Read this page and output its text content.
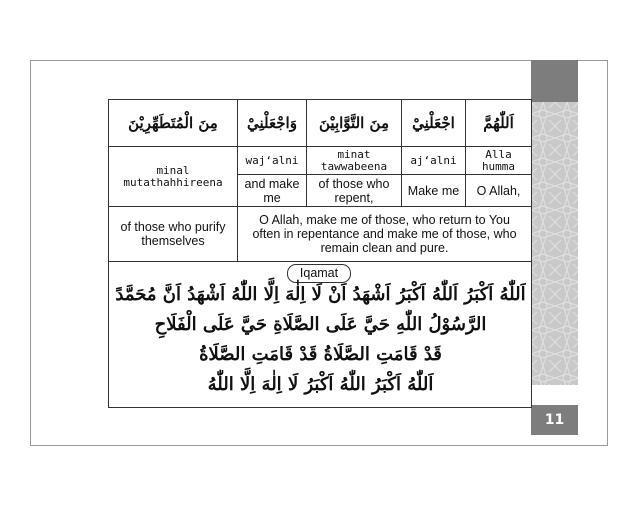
11
مِنَ الْمُتَطَهِّرِيْنَ	وَاجْعَلْنِيْ	مِنَ التَّوَّابِيْنَ	اجْعَلْنِيْ	اَللّٰهُمَّ
minal mutathahhireena	waj‘alni	minat tawwabeena	aj‘alni	Alla humma
	and make me	of those who repent,	Make me	O Allah,
of those who purify themselves	O Allah, make me of those, who return to You often in repentance and make me of those, who remain clean and pure.			

Iqamat
اَللّٰهُ اَكْبَرُ اَللّٰهُ اَكْبَرُ اَشْهَدُ اَنْ لَا اِلٰهَ اِلَّا اللّٰهُ اَشْهَدُ اَنَّ مُحَمَّدً
الرَّسُوْلُ اللّٰهِ حَيَّ عَلَى الصَّلَاةِ حَيَّ عَلَى الْفَلَاحِ
قَدْ قَامَتِ الصَّلَاةُ قَدْ قَامَتِ الصَّلَاةُ
اَللّٰهُ اَكْبَرُ اللّٰهُ اَكْبَرُ لَا اِلٰهَ اِلَّا اللّٰهُ				
